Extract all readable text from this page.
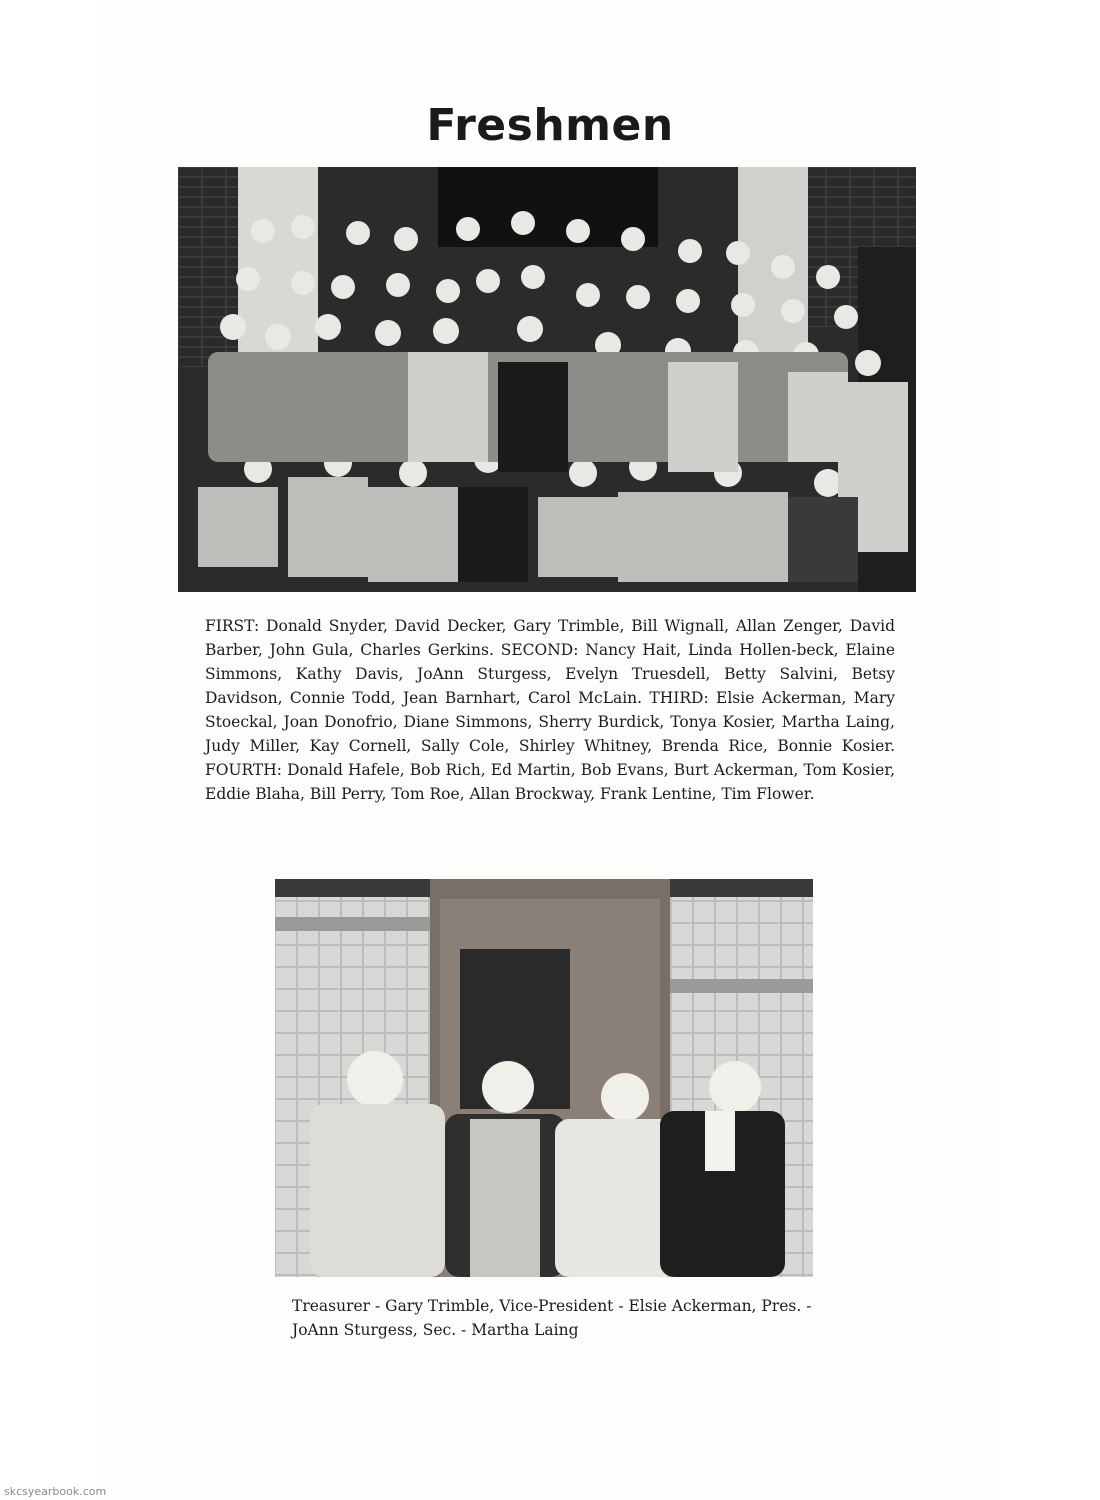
Freshmen
FIRST: Donald Snyder, David Decker, Gary Trimble, Bill Wignall, Allan Zenger, David Barber, John Gula, Charles Gerkins. SECOND: Nancy Hait, Linda Hollen-beck, Elaine Simmons, Kathy Davis, JoAnn Sturgess, Evelyn Truesdell, Betty Salvini, Betsy Davidson, Connie Todd, Jean Barnhart, Carol McLain. THIRD: Elsie Ackerman, Mary Stoeckal, Joan Donofrio, Diane Simmons, Sherry Burdick, Tonya Kosier, Martha Laing, Judy Miller, Kay Cornell, Sally Cole, Shirley Whitney, Brenda Rice, Bonnie Kosier. FOURTH: Donald Hafele, Bob Rich, Ed Martin, Bob Evans, Burt Ackerman, Tom Kosier, Eddie Blaha, Bill Perry, Tom Roe, Allan Brockway, Frank Lentine, Tim Flower.
Treasurer - Gary Trimble, Vice-President - Elsie Ackerman, Pres. - JoAnn Sturgess, Sec. - Martha Laing
skcsyearbook.com
